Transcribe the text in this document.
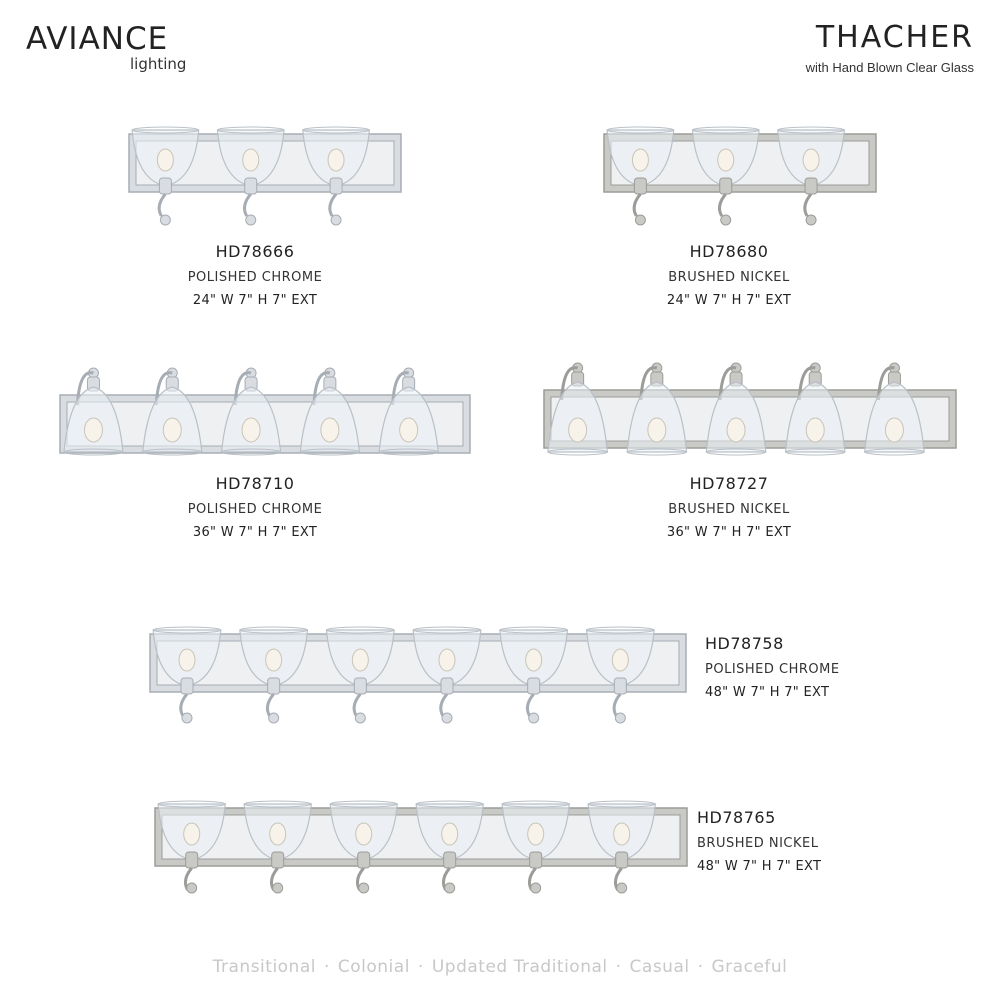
AVIANCE
lighting
THACHER
with Hand Blown Clear Glass
HD78666
POLISHED CHROME
24" W 7" H 7" EXT
HD78680
BRUSHED NICKEL
24" W 7" H 7" EXT
HD78710
POLISHED CHROME
36" W 7" H 7" EXT
HD78727
BRUSHED NICKEL
36" W 7" H 7" EXT
HD78758
POLISHED CHROME
48" W 7" H 7" EXT
HD78765
BRUSHED NICKEL
48" W 7" H 7" EXT
Transitional · Colonial · Updated Traditional · Casual · Graceful
